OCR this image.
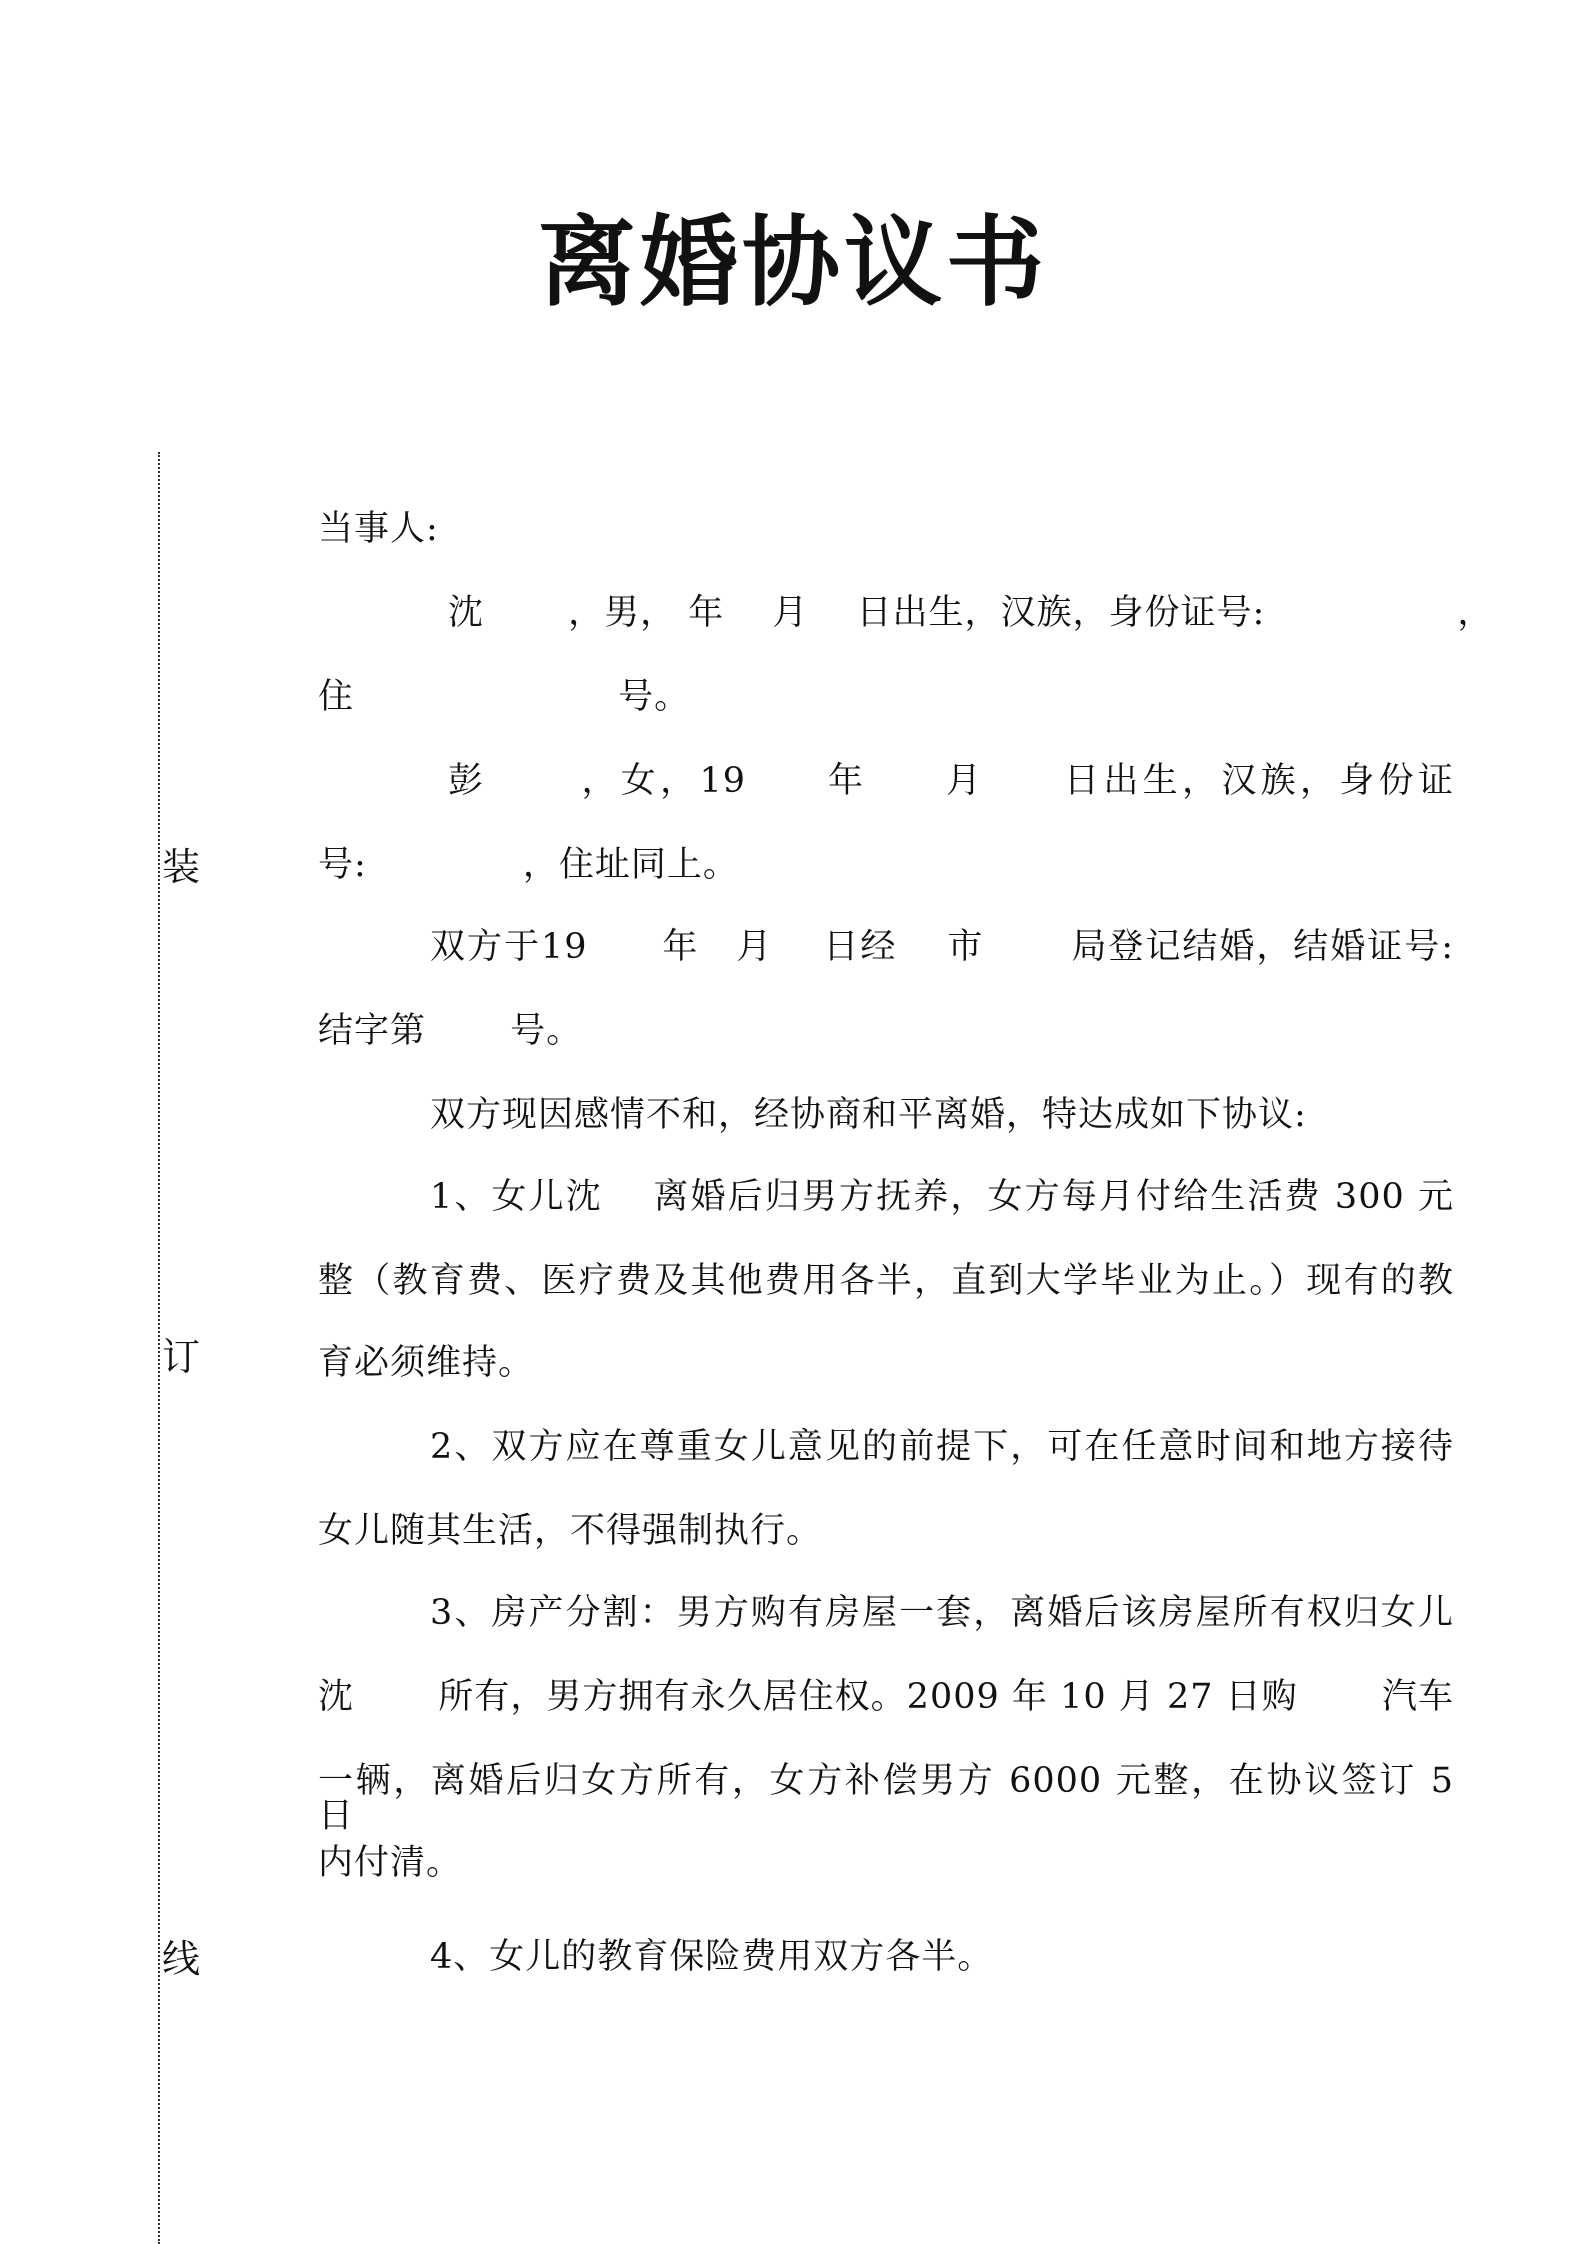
离婚协议书
装
订
线
当事人:
沈　　 ，男， 年　 月　 日出生，汉族，身份证号:　　　　　 ，
住　　　　　　　 号。
彭　　 ，女，19　　年　　月　　日出生，汉族，身份证
号:　　　　 ，住址同上。
双方于19　　年　月　 日经　 市　　 局登记结婚，结婚证号:
结字第　　 号。
双方现因感情不和，经协商和平离婚，特达成如下协议:
1、女儿沈　 离婚后归男方抚养，女方每月付给生活费 300 元
整（教育费、医疗费及其他费用各半，直到大学毕业为止。）现有的教
育必须维持。
2、双方应在尊重女儿意见的前提下，可在任意时间和地方接待
女儿随其生活，不得强制执行。
3、房产分割：男方购有房屋一套，离婚后该房屋所有权归女儿
沈　　 所有，男方拥有永久居住权。2009 年 10 月 27 日购　　 汽车
一辆，离婚后归女方所有，女方补偿男方 6000 元整，在协议签订 5 日
内付清。
4、女儿的教育保险费用双方各半。
